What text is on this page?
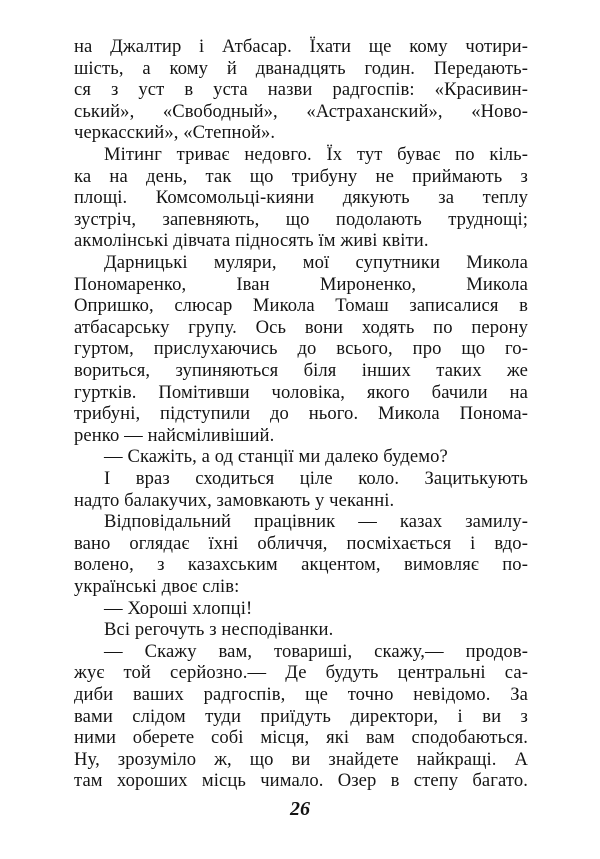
на Джалтир і Атбасар. Їхати ще кому чотири-
шість, а кому й дванадцять годин. Передають-
ся з уст в уста назви радгоспів: «Красивин-
ський», «Свободный», «Астраханский», «Ново-
черкасский», «Степной».
Мітинг триває недовго. Їх тут буває по кіль-
ка на день, так що трибуну не приймають з
площі. Комсомольці-кияни дякують за теплу
зустріч, запевняють, що подолають труднощі;
акмолінські дівчата підносять їм живі квіти.
Дарницькі муляри, мої супутники Микола
Пономаренко, Іван Мироненко, Микола
Опришко, слюсар Микола Томаш записалися в
атбасарську групу. Ось вони ходять по перону
гуртом, прислухаючись до всього, про що го-
вориться, зупиняються біля інших таких же
гуртків. Помітивши чоловіка, якого бачили на
трибуні, підступили до нього. Микола Понома-
ренко — найсміливіший.
— Скажіть, а од станції ми далеко будемо?
І враз сходиться ціле коло. Зацитькують
надто балакучих, замовкають у чеканні.
Відповідальний працівник — казах замилу-
вано оглядає їхні обличчя, посміхається і вдо-
волено, з казахським акцентом, вимовляє по-
українські двоє слів:
— Хороші хлопці!
Всі регочуть з несподіванки.
— Скажу вам, товариші, скажу,— продов-
жує той серйозно.— Де будуть центральні са-
диби ваших радгоспів, ще точно невідомо. За
вами слідом туди приїдуть директори, і ви з
ними оберете собі місця, які вам сподобаються.
Ну, зрозуміло ж, що ви знайдете найкращі. А
там хороших місць чимало. Озер в степу багато.
26
